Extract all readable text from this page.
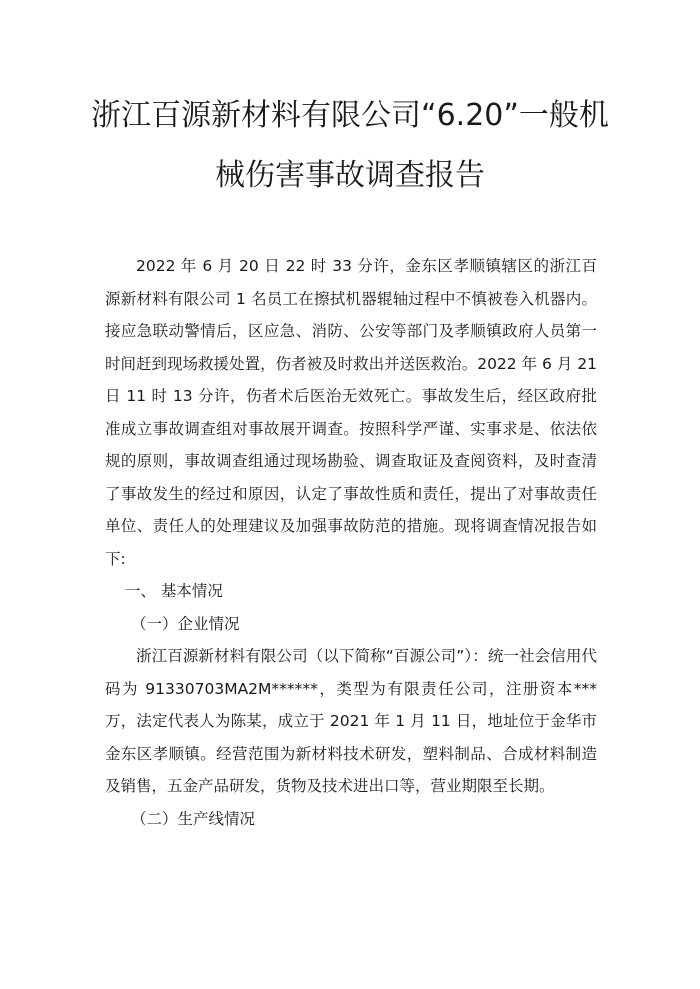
浙江百源新材料有限公司“6.20”一般机械伤害事故调查报告

2022 年 6 月 20 日 22 时 33 分许，金东区孝顺镇辖区的浙江百源新材料有限公司 1 名员工在擦拭机器辊轴过程中不慎被卷入机器内。接应急联动警情后，区应急、消防、公安等部门及孝顺镇政府人员第一时间赶到现场救援处置，伤者被及时救出并送医救治。2022 年 6 月 21 日 11 时 13 分许，伤者术后医治无效死亡。事故发生后，经区政府批准成立事故调查组对事故展开调查。按照科学严谨、实事求是、依法依规的原则，事故调查组通过现场勘验、调查取证及查阅资料，及时查清了事故发生的经过和原因，认定了事故性质和责任，提出了对事故责任单位、责任人的处理建议及加强事故防范的措施。现将调查情况报告如下:

一、 基本情况

（一）企业情况

浙江百源新材料有限公司（以下简称“百源公司”）：统一社会信用代码为 91330703MA2M******，类型为有限责任公司，注册资本***万，法定代表人为陈某，成立于 2021 年 1 月 11 日，地址位于金华市金东区孝顺镇。经营范围为新材料技术研发，塑料制品、合成材料制造及销售，五金产品研发，货物及技术进出口等，营业期限至长期。

（二）生产线情况
